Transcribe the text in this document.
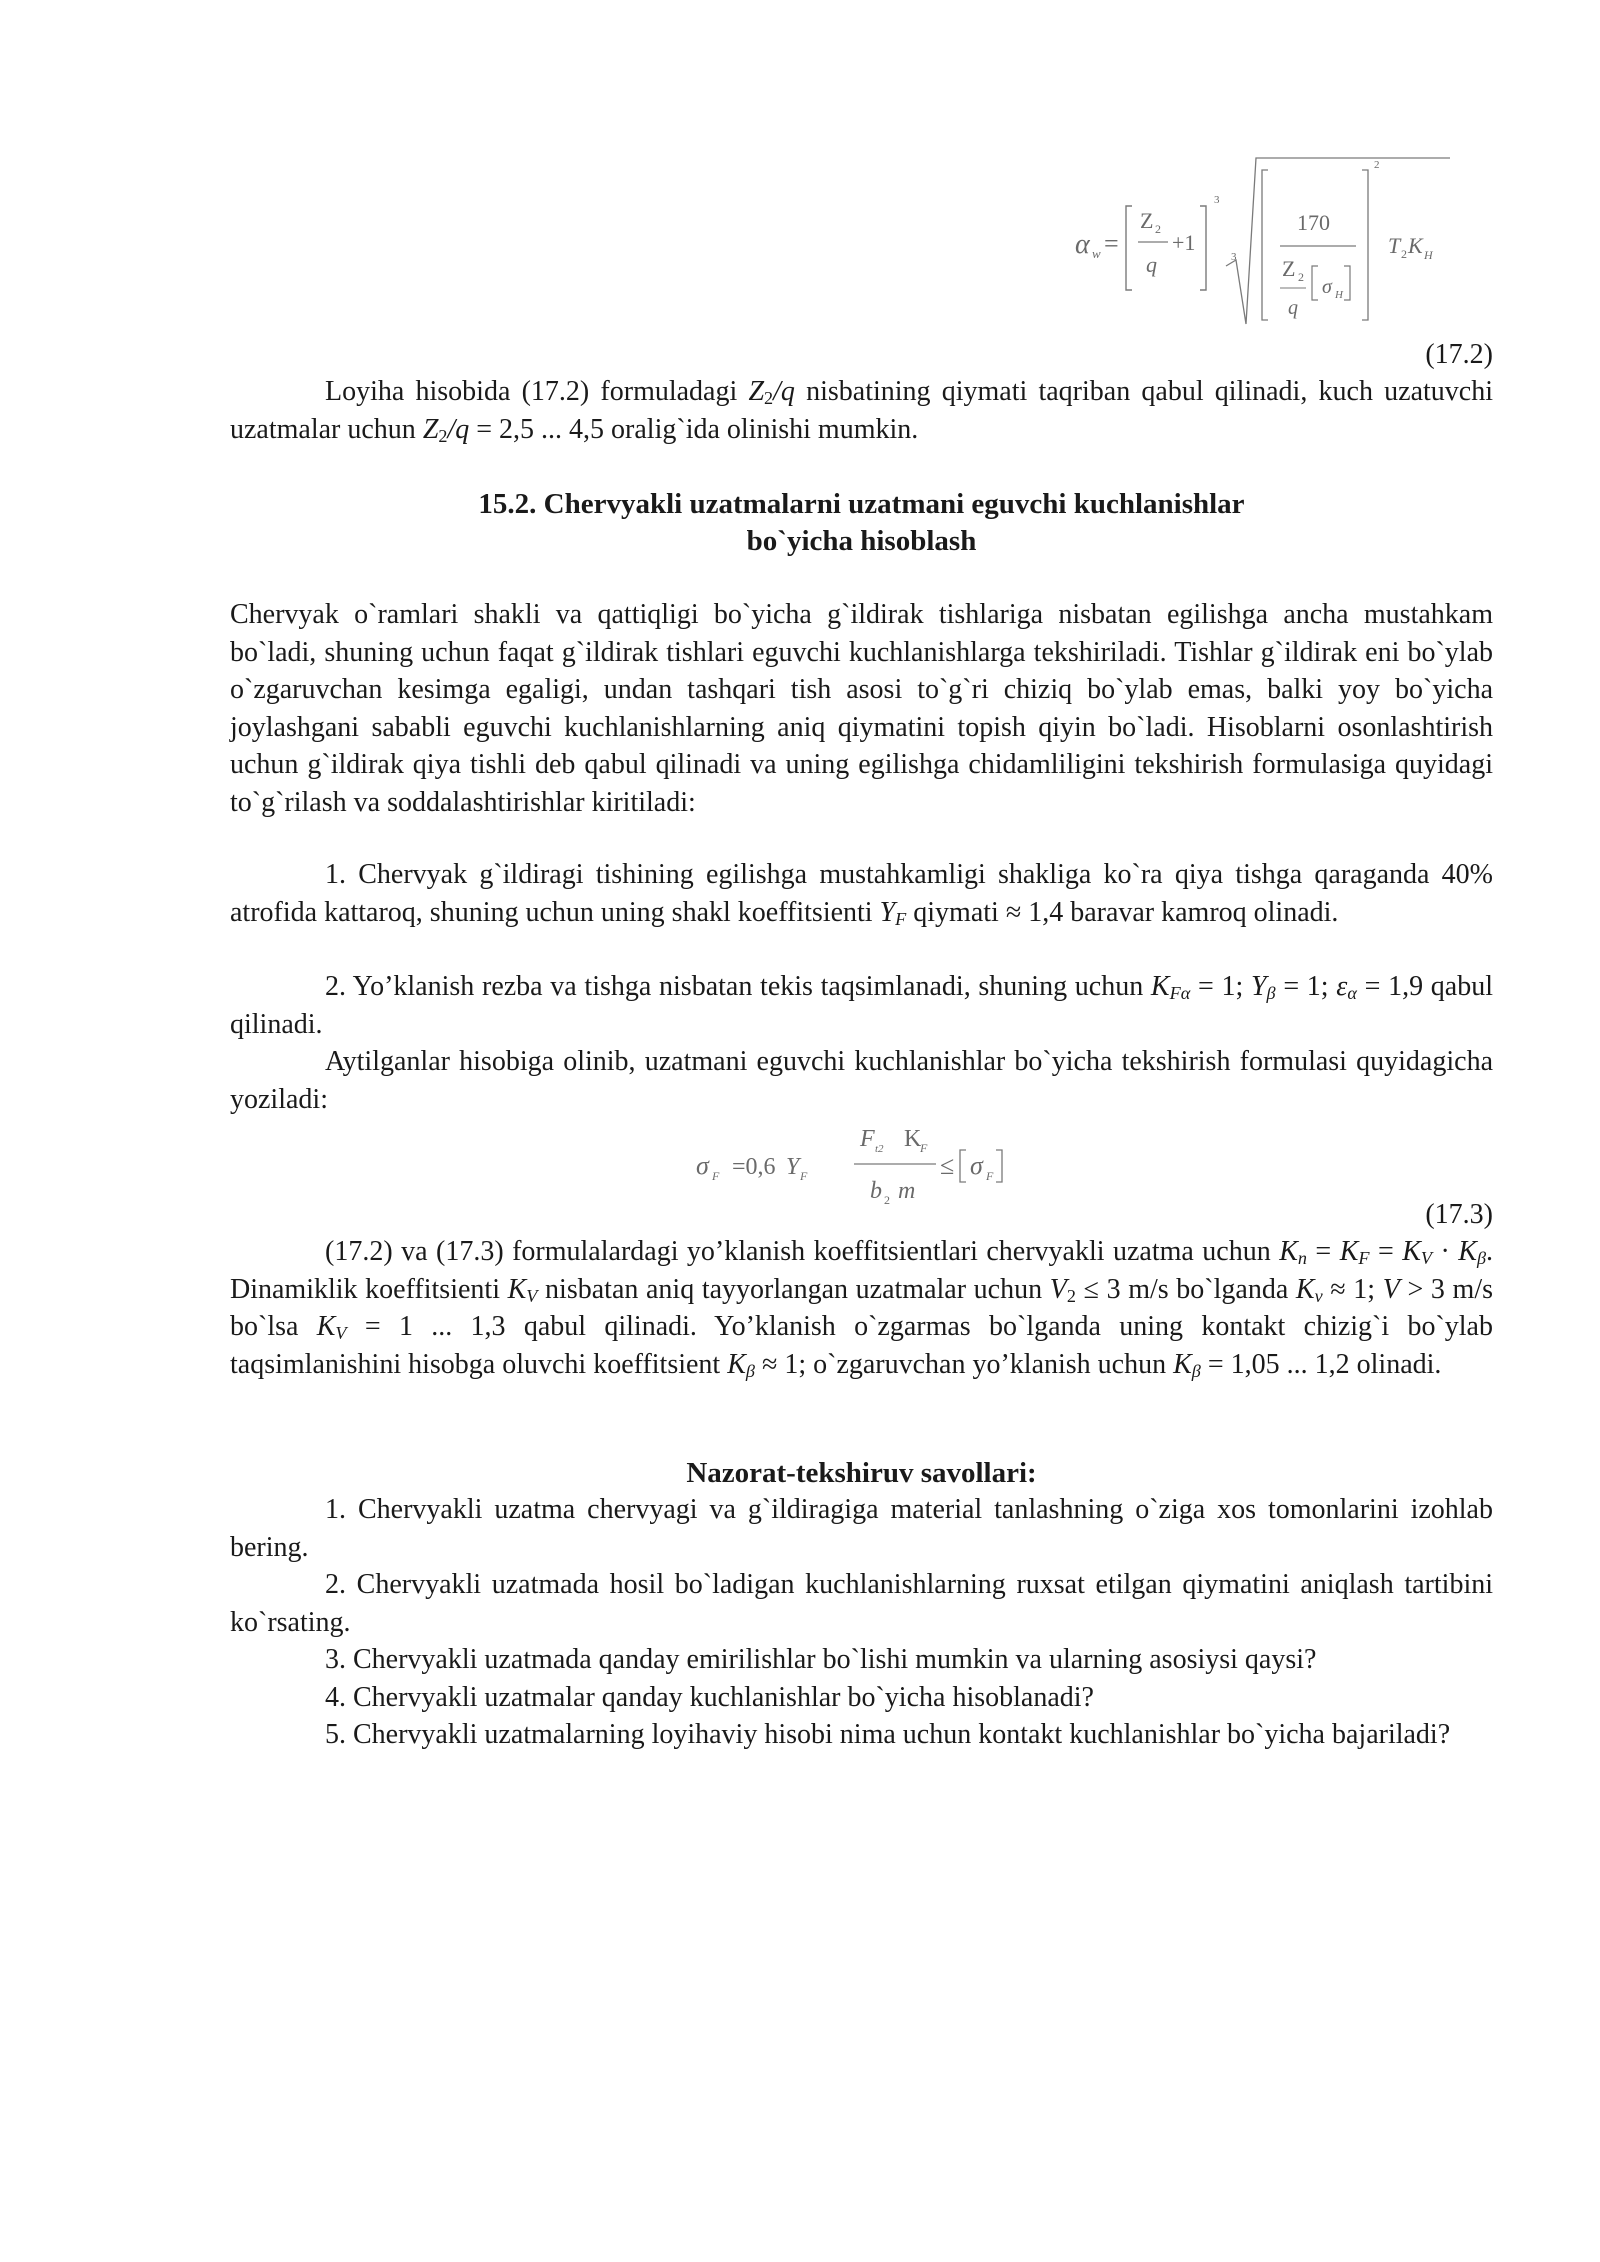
α w =
Z 2
q
+1
3
3
170
Z 2
q
σ H
2
T 2 K H

(17.2)

Loyiha hisobida (17.2) formuladagi $Z_2/q$ nisbatining qiymati taqriban qabul qilinadi, kuch uzatuvchi uzatmalar uchun $Z_2/q = 2,5$ ... 4,5 oralig`ida olinishi mumkin.

15.2. Chervyakli uzatmalarni uzatmani eguvchi kuchlanishlar

bo`yicha hisoblash

Chervyak o`ramlari shakli va qattiqligi bo`yicha g`ildirak tishlariga nisbatan egilishga ancha mustahkam bo`ladi, shuning uchun faqat g`ildirak tishlari eguvchi kuchlanishlarga tekshiriladi. Tishlar g`ildirak eni bo`ylab o`zgaruvchan kesimga egaligi, undan tashqari tish asosi to`g`ri chiziq bo`ylab emas, balki yoy bo`yicha joylashgani sababli eguvchi kuchlanishlarning aniq qiymatini topish qiyin bo`ladi. Hisoblarni osonlashtirish uchun g`ildirak qiya tishli deb qabul qilinadi va uning egilishga chidamliligini tekshirish formulasiga quyidagi to`g`rilash va soddalashtirishlar kiritiladi:

1. Chervyak g`ildiragi tishining egilishga mustahkamligi shakliga ko`ra qiya tishga qaraganda 40% atrofida kattaroq, shuning uchun uning shakl koeffitsienti $Y_F$ qiymati ≈ 1,4 baravar kamroq olinadi.

2. Yo’klanish rezba va tishga nisbatan tekis taqsimlanadi, shuning uchun $K_{F\alpha} = 1$; $Y_\beta = 1$; $\varepsilon_\alpha = 1,9$ qabul qilinadi.

Aytilganlar hisobiga olinib, uzatmani eguvchi kuchlanishlar bo`yicha tekshirish formulasi quyidagicha yoziladi:

(17.3)

(17.2) va (17.3) formulalardagi yo’klanish koeffitsientlari chervyakli uzatma uchun $K_n = K_F = K_V \cdot K_\beta$. Dinamiklik koeffitsienti $K_V$ nisbatan aniq tayyorlangan uzatmalar uchun $V_2 \le 3$ m/s bo`lganda $K_v \approx 1$; V > 3 m/s bo`lsa $K_V = 1$ ... 1,3 qabul qilinadi. Yo’klanish o`zgarmas bo`lganda uning kontakt chizig`i bo`ylab taqsimlanishini hisobga oluvchi koeffitsient $K_\beta \approx 1$; o`zgaruvchan yo’klanish uchun $K_\beta = 1,05$ ... 1,2 olinadi.

Nazorat-tekshiruv savollari:

1. Chervyakli uzatma chervyagi va g`ildiragiga material tanlashning o`ziga xos tomonlarini izohlab bering.

2. Chervyakli uzatmada hosil bo`ladigan kuchlanishlarning ruxsat etilgan qiymatini aniqlash tartibini ko`rsating.

3. Chervyakli uzatmada qanday emirilishlar bo`lishi mumkin va ularning asosiysi qaysi?

4. Chervyakli uzatmalar qanday kuchlanishlar bo`yicha hisoblanadi?

5. Chervyakli uzatmalarning loyihaviy hisobi nima uchun kontakt kuchlanishlar bo`yicha bajariladi?

σ F =0,6 Y F
F t2 K
F
b 2 m
≤ σ F
